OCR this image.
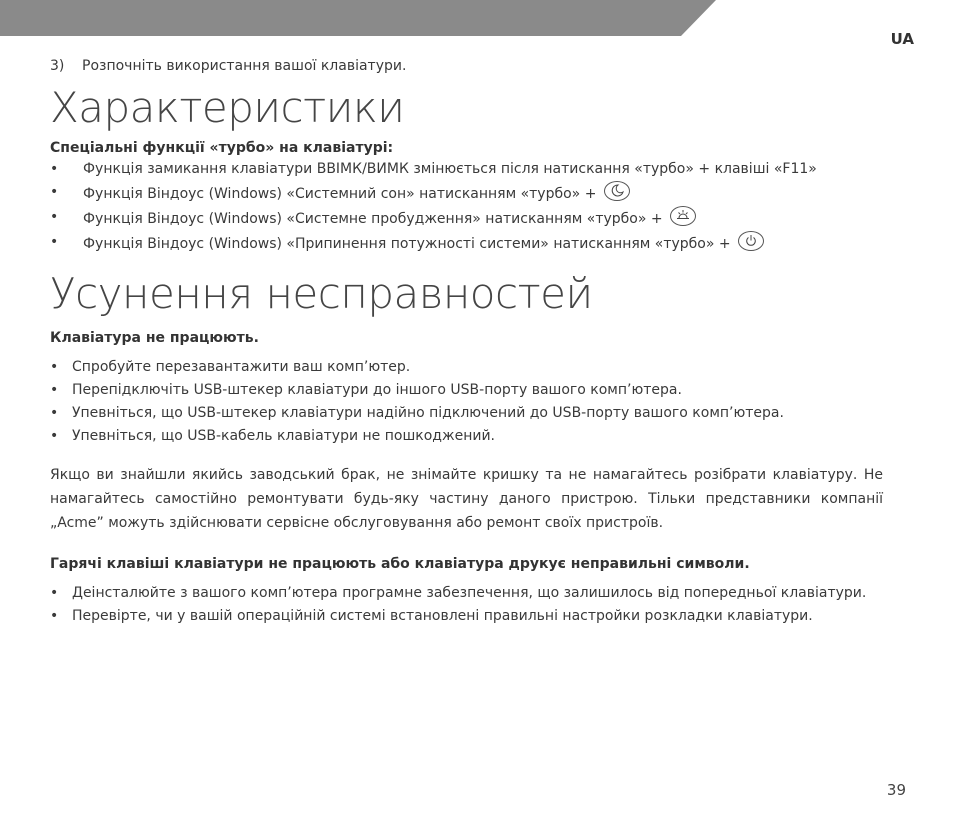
UA

3) Розпочніть використання вашої клавіатури.

Характеристики
Спеціальні функції «турбо» на клавіатурі:
• Функція замикання клавіатури ВВІМК/ВИМК змінюється після натискання «турбо» + клавіші «F11»
• Функція Віндоус (Windows) «Системний сон» натисканням «турбо» +
• Функція Віндоус (Windows) «Системне пробудження» натисканням «турбо» +
• Функція Віндоус (Windows) «Припинення потужності системи» натисканням «турбо» +
Усунення несправностей
Клавіатура не працюють.
• Спробуйте перезавантажити ваш комп’ютер.
• Перепідключіть USB-штекер клавіатури до іншого USB-порту вашого комп’ютера.
• Упевніться, що USB-штекер клавіатури надійно підключений до USB-порту вашого комп’ютера.
• Упевніться, що USB-кабель клавіатури не пошкоджений.

Якщо ви знайшли якийсь заводський брак, не знімайте кришку та не намагайтесь розібрати клавіатуру. Не намагайтесь самостійно ремонтувати будь-яку частину даного пристрою. Тільки представники компанії „Acme” можуть здійснювати сервісне обслуговування або ремонт своїх пристроїв.

Гарячі клавіші клавіатури не працюють або клавіатура друкує неправильні символи.
• Деінсталюйте з вашого комп’ютера програмне забезпечення, що залишилось від попередньої клавіатури.
• Перевірте, чи у вашій операційній системі встановлені правильні настройки розкладки клавіатури.
39
